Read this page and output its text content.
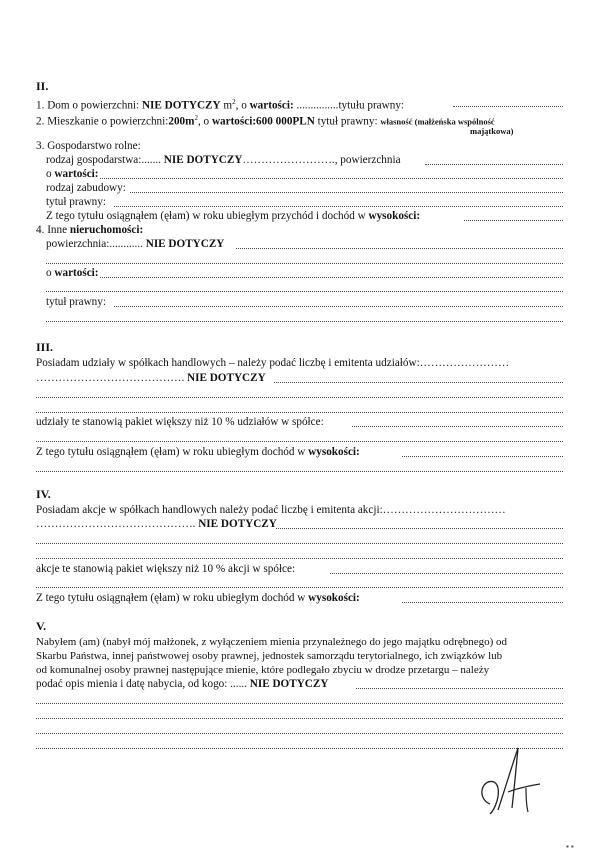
II.
1. Dom o powierzchni: NIE DOTYCZY $m^2$, o wartości: ...............tytułu prawny:
2. Mieszkanie o $powierzchni:200m^2$, o wartości:600 000PLN tytuł prawny: własność (małżeńska wspólność
majątkowa)
3. Gospodarstwo rolne:
rodzaj gospodarstwa:....... NIE DOTYCZY……………………., powierzchnia
o wartości:
rodzaj zabudowy:
tytuł prawny:
Z tego tytułu osiągnąłem (ęłam) w roku ubiegłym przychód i dochód w wysokości:
4. Inne nieruchomości:
powierzchnia:............ NIE DOTYCZY
o wartości:
tytuł prawny:
III.
Posiadam udziały w spółkach handlowych – należy podać liczbę i emitenta udziałów:……………………
…………………………………. NIE DOTYCZY
udziały te stanowią pakiet większy niż 10 % udziałów w spółce:
Z tego tytułu osiągnąłem (ęłam) w roku ubiegłym dochód w wysokości:
IV.
Posiadam akcje w spółkach handlowych należy podać liczbę i emitenta akcji:……………………………
……………………………………. NIE DOTYCZY
akcje te stanowią pakiet większy niż 10 % akcji w spółce:
Z tego tytułu osiągnąłem (ęłam) w roku ubiegłym dochód w wysokości:
V.
Nabyłem (am) (nabył mój małżonek, z wyłączeniem mienia przynależnego do jego majątku odrębnego) od
Skarbu Państwa, innej państwowej osoby prawnej, jednostek samorządu terytorialnego, ich związków lub
od komunalnej osoby prawnej następujące mienie, które podlegało zbyciu w drodze przetargu – należy
podać opis mienia i datę nabycia, od kogo: ...... NIE DOTYCZY
▪ ▪
